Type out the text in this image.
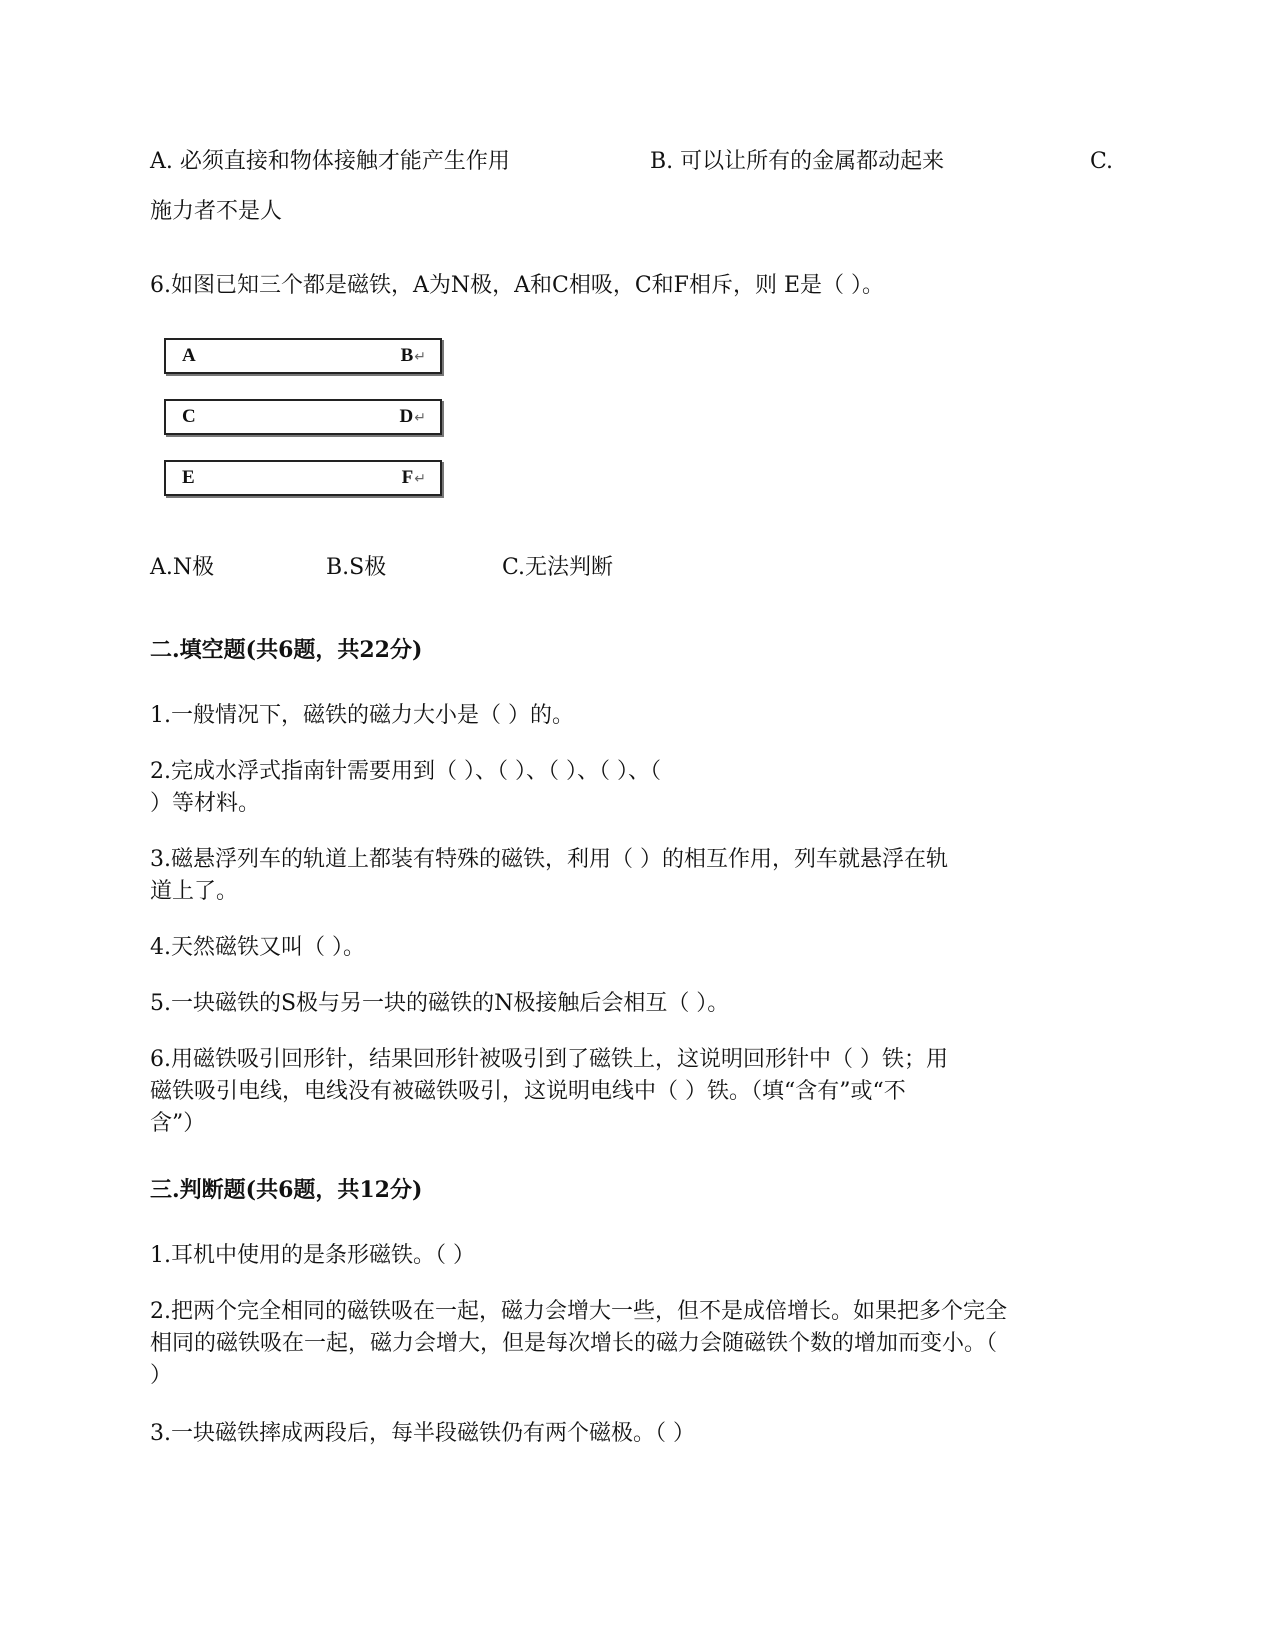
A. 必须直接和物体接触才能产生作用	B. 可以让所有的金属都动起来	C.
施力者不是人
6.如图已知三个都是磁铁，A为N极，A和C相吸，C和F相斥，则 E是（ ）。
A	B↵
C	D↵
E	F↵
A.N极	B.S极	C.无法判断
二.填空题(共6题，共22分)
1.一般情况下，磁铁的磁力大小是（ ）的。
2.完成水浮式指南针需要用到（ ）、（ ）、（ ）、（ ）、（
）等材料。
3.磁悬浮列车的轨道上都装有特殊的磁铁，利用（ ）的相互作用，列车就悬浮在轨
道上了。
4.天然磁铁又叫（ ）。
5.一块磁铁的S极与另一块的磁铁的N极接触后会相互（ ）。
6.用磁铁吸引回形针，结果回形针被吸引到了磁铁上，这说明回形针中（ ）铁；用
磁铁吸引电线，电线没有被磁铁吸引，这说明电线中（ ）铁。（填“含有”或“不
含”）
三.判断题(共6题，共12分)
1.耳机中使用的是条形磁铁。（ ）
2.把两个完全相同的磁铁吸在一起，磁力会增大一些，但不是成倍增长。如果把多个完全
相同的磁铁吸在一起，磁力会增大，但是每次增长的磁力会随磁铁个数的增加而变小。（
）
3.一块磁铁摔成两段后，每半段磁铁仍有两个磁极。（ ）
